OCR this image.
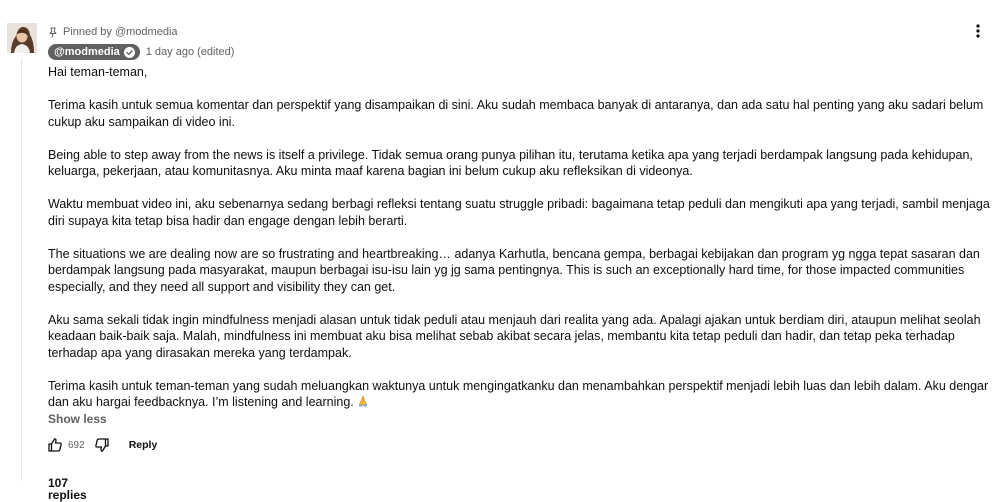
Pinned by @modmedia
@modmedia 1 day ago (edited)

Hai teman-teman,

Terima kasih untuk semua komentar dan perspektif yang disampaikan di sini. Aku sudah membaca banyak di antaranya, dan ada satu hal penting yang aku sadari belum cukup aku sampaikan di video ini.

Being able to step away from the news is itself a privilege. Tidak semua orang punya pilihan itu, terutama ketika apa yang terjadi berdampak langsung pada kehidupan, keluarga, pekerjaan, atau komunitasnya. Aku minta maaf karena bagian ini belum cukup aku refleksikan di videonya.

Waktu membuat video ini, aku sebenarnya sedang berbagi refleksi tentang suatu struggle pribadi: bagaimana tetap peduli dan mengikuti apa yang terjadi, sambil menjaga diri supaya kita tetap bisa hadir dan engage dengan lebih berarti.

The situations we are dealing now are so frustrating and heartbreaking… adanya Karhutla, bencana gempa, berbagai kebijakan dan program yg ngga tepat sasaran dan berdampak langsung pada masyarakat, maupun berbagai isu-isu lain yg jg sama pentingnya. This is such an exceptionally hard time, for those impacted communities especially, and they need all support and visibility they can get.

Aku sama sekali tidak ingin mindfulness menjadi alasan untuk tidak peduli atau menjauh dari realita yang ada. Apalagi ajakan untuk berdiam diri, ataupun melihat seolah keadaan baik-baik saja. Malah, mindfulness ini membuat aku bisa melihat sebab akibat secara jelas, membantu kita tetap peduli dan hadir, dan tetap peka terhadap terhadap apa yang dirasakan mereka yang terdampak.

Terima kasih untuk teman-teman yang sudah meluangkan waktunya untuk mengingatkanku dan menambahkan perspektif menjadi lebih luas dan lebih dalam. Aku dengar dan aku hargai feedbacknya. I’m listening and learning.

Show less
692	Reply
107 replies
